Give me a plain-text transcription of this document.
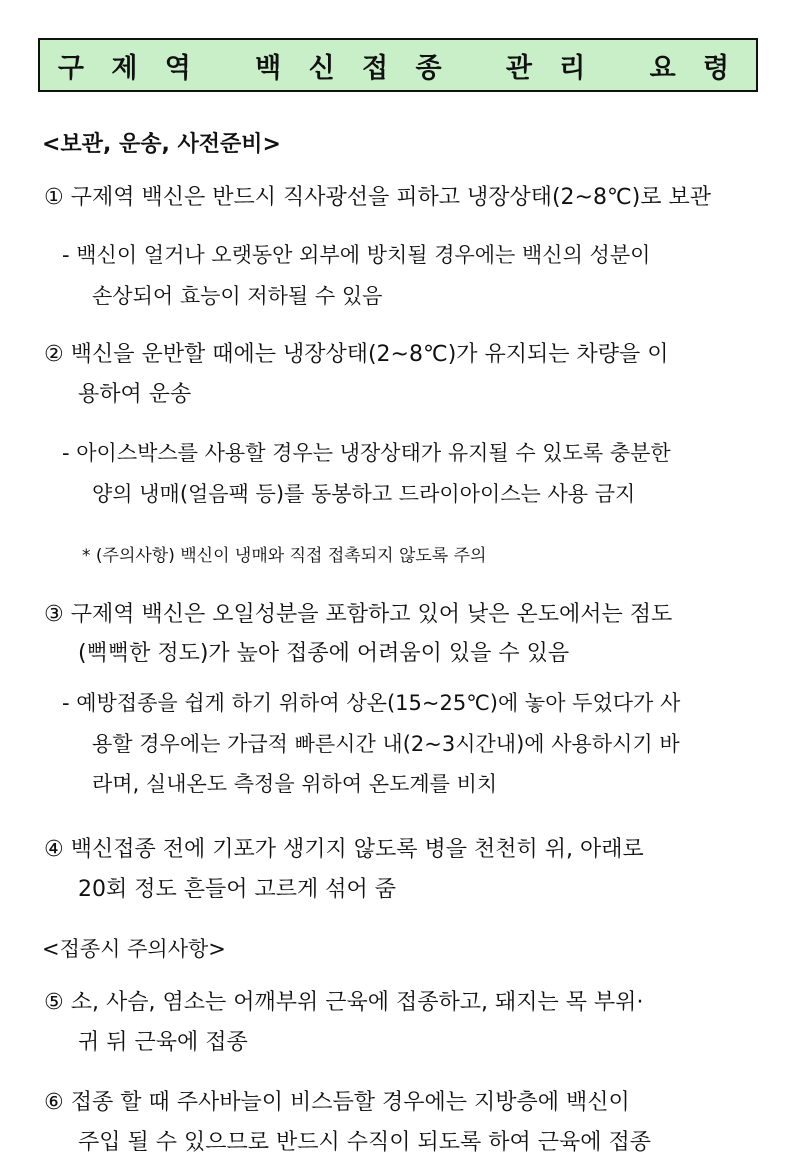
구 제 역   백 신 접 종   관 리   요 령
<보관, 운송, 사전준비>
① 구제역 백신은 반드시 직사광선을 피하고 냉장상태(2~8℃)로 보관
- 백신이 얼거나 오랫동안 외부에 방치될 경우에는 백신의 성분이
손상되어 효능이 저하될 수 있음
② 백신을 운반할 때에는 냉장상태(2~8℃)가 유지되는 차량을 이
용하여 운송
- 아이스박스를 사용할 경우는 냉장상태가 유지될 수 있도록 충분한
양의 냉매(얼음팩 등)를 동봉하고 드라이아이스는 사용 금지
* (주의사항) 백신이 냉매와 직접 접촉되지 않도록 주의
③ 구제역 백신은 오일성분을 포함하고 있어 낮은 온도에서는 점도
(뻑뻑한 정도)가 높아 접종에 어려움이 있을 수 있음
- 예방접종을 쉽게 하기 위하여 상온(15~25℃)에 놓아 두었다가 사
용할 경우에는 가급적 빠른시간 내(2~3시간내)에 사용하시기 바
라며, 실내온도 측정을 위하여 온도계를 비치
④ 백신접종 전에 기포가 생기지 않도록 병을 천천히 위, 아래로
20회 정도 흔들어 고르게 섞어 줌
<접종시 주의사항>
⑤ 소, 사슴, 염소는 어깨부위 근육에 접종하고, 돼지는 목 부위·
귀 뒤 근육에 접종
⑥ 접종 할 때 주사바늘이 비스듬할 경우에는 지방층에 백신이
주입 될 수 있으므로 반드시 수직이 되도록 하여 근육에 접종
